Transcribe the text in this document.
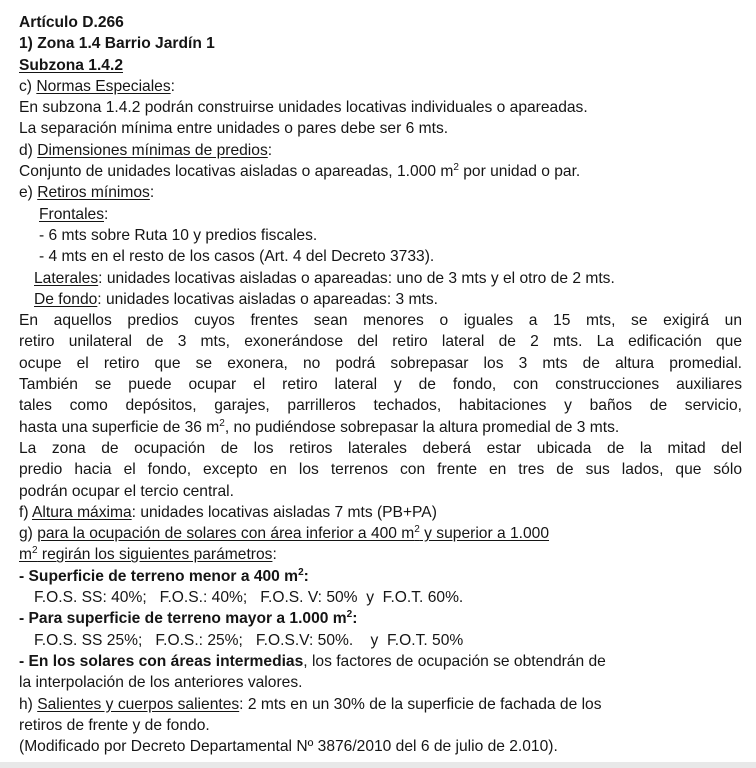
Artículo D.266
1) Zona 1.4 Barrio Jardín 1
Subzona 1.4.2
c) Normas Especiales:
En subzona 1.4.2 podrán construirse unidades locativas individuales o apareadas.
La separación mínima entre unidades o pares debe ser 6 mts.
d) Dimensiones mínimas de predios:
Conjunto de unidades locativas aisladas o apareadas, 1.000 $m^2$ por unidad o par.
e) Retiros mínimos:
Frontales:
- 6 mts sobre Ruta 10 y predios fiscales.
- 4 mts en el resto de los casos (Art. 4 del Decreto 3733).
Laterales: unidades locativas aisladas o apareadas: uno de 3 mts y el otro de 2 mts.
De fondo: unidades locativas aisladas o apareadas: 3 mts.
En aquellos predios cuyos frentes sean menores o iguales a 15 mts, se exigirá un
retiro unilateral de 3 mts, exonerándose del retiro lateral de 2 mts. La edificación que
ocupe el retiro que se exonera, no podrá sobrepasar los 3 mts de altura promedial.
También se puede ocupar el retiro lateral y de fondo, con construcciones auxiliares
tales como depósitos, garajes, parrilleros techados, habitaciones y baños de servicio,
hasta una superficie de 36 $m^2$, no pudiéndose sobrepasar la altura promedial de 3 mts.
La zona de ocupación de los retiros laterales deberá estar ubicada de la mitad del
predio hacia el fondo, excepto en los terrenos con frente en tres de sus lados, que sólo
podrán ocupar el tercio central.
f) Altura máxima: unidades locativas aisladas 7 mts (PB+PA)
g) para la ocupación de solares con área inferior a 400 $m^2$ y superior a 1.000
$m^2$ regirán los siguientes parámetros:
- Superficie de terreno menor a 400 $m^2$:
F.O.S. SS: 40%;   F.O.S.: 40%;   F.O.S. V: 50%  y  F.O.T. 60%.
- Para superficie de terreno mayor a 1.000 $m^2$:
F.O.S. SS 25%;   F.O.S.: 25%;   F.O.S.V: 50%.    y  F.O.T. 50%
- En los solares con áreas intermedias, los factores de ocupación se obtendrán de
la interpolación de los anteriores valores.
h) Salientes y cuerpos salientes: 2 mts en un 30% de la superficie de fachada de los
retiros de frente y de fondo.
(Modificado por Decreto Departamental Nº 3876/2010 del 6 de julio de 2.010).
